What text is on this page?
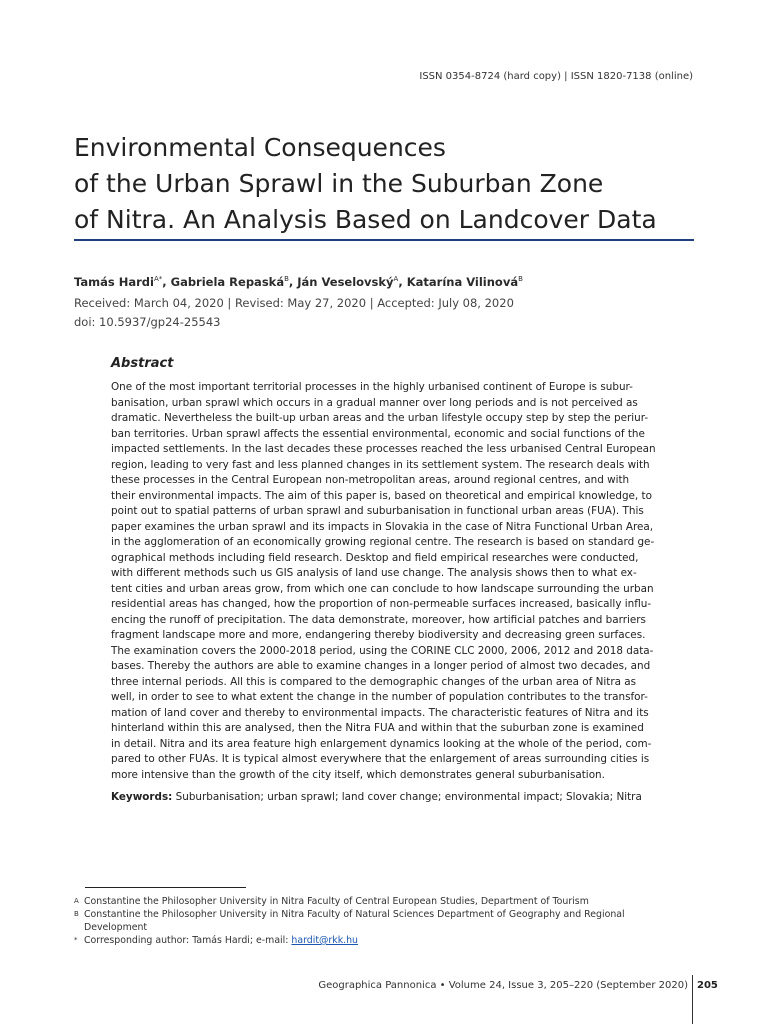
ISSN 0354-8724 (hard copy) | ISSN 1820-7138 (online)
Environmental Consequences
of the Urban Sprawl in the Suburban Zone
of Nitra. An Analysis Based on Landcover Data
Tamás Hardi$^{A*}$, Gabriela Repaská$^B$, Ján Veselovský$^A$, Katarína Vilinová$^B$
Received: March 04, 2020 | Revised: May 27, 2020 | Accepted: July 08, 2020
doi: 10.5937/gp24-25543
Abstract
One of the most important territorial processes in the highly urbanised continent of Europe is subur-
banisation, urban sprawl which occurs in a gradual manner over long periods and is not perceived as
dramatic. Nevertheless the built-up urban areas and the urban lifestyle occupy step by step the periur-
ban territories. Urban sprawl affects the essential environmental, economic and social functions of the
impacted settlements. In the last decades these processes reached the less urbanised Central European
region, leading to very fast and less planned changes in its settlement system. The research deals with
these processes in the Central European non-metropolitan areas, around regional centres, and with
their environmental impacts. The aim of this paper is, based on theoretical and empirical knowledge, to
point out to spatial patterns of urban sprawl and suburbanisation in functional urban areas (FUA). This
paper examines the urban sprawl and its impacts in Slovakia in the case of Nitra Functional Urban Area,
in the agglomeration of an economically growing regional centre. The research is based on standard ge-
ographical methods including field research. Desktop and field empirical researches were conducted,
with different methods such us GIS analysis of land use change. The analysis shows then to what ex-
tent cities and urban areas grow, from which one can conclude to how landscape surrounding the urban
residential areas has changed, how the proportion of non-permeable surfaces increased, basically influ-
encing the runoff of precipitation. The data demonstrate, moreover, how artificial patches and barriers
fragment landscape more and more, endangering thereby biodiversity and decreasing green surfaces.
The examination covers the 2000-2018 period, using the CORINE CLC 2000, 2006, 2012 and 2018 data-
bases. Thereby the authors are able to examine changes in a longer period of almost two decades, and
three internal periods. All this is compared to the demographic changes of the urban area of Nitra as
well, in order to see to what extent the change in the number of population contributes to the transfor-
mation of land cover and thereby to environmental impacts. The characteristic features of Nitra and its
hinterland within this are analysed, then the Nitra FUA and within that the suburban zone is examined
in detail. Nitra and its area feature high enlargement dynamics looking at the whole of the period, com-
pared to other FUAs. It is typical almost everywhere that the enlargement of areas surrounding cities is
more intensive than the growth of the city itself, which demonstrates general suburbanisation.
Keywords: Suburbanisation; urban sprawl; land cover change; environmental impact; Slovakia; Nitra
A Constantine the Philosopher University in Nitra Faculty of Central European Studies, Department of Tourism
B Constantine the Philosopher University in Nitra Faculty of Natural Sciences Department of Geography and Regional Development
* Corresponding author: Tamás Hardi; e-mail: hardit@rkk.hu
Geographica Pannonica • Volume 24, Issue 3, 205–220 (September 2020) 205
